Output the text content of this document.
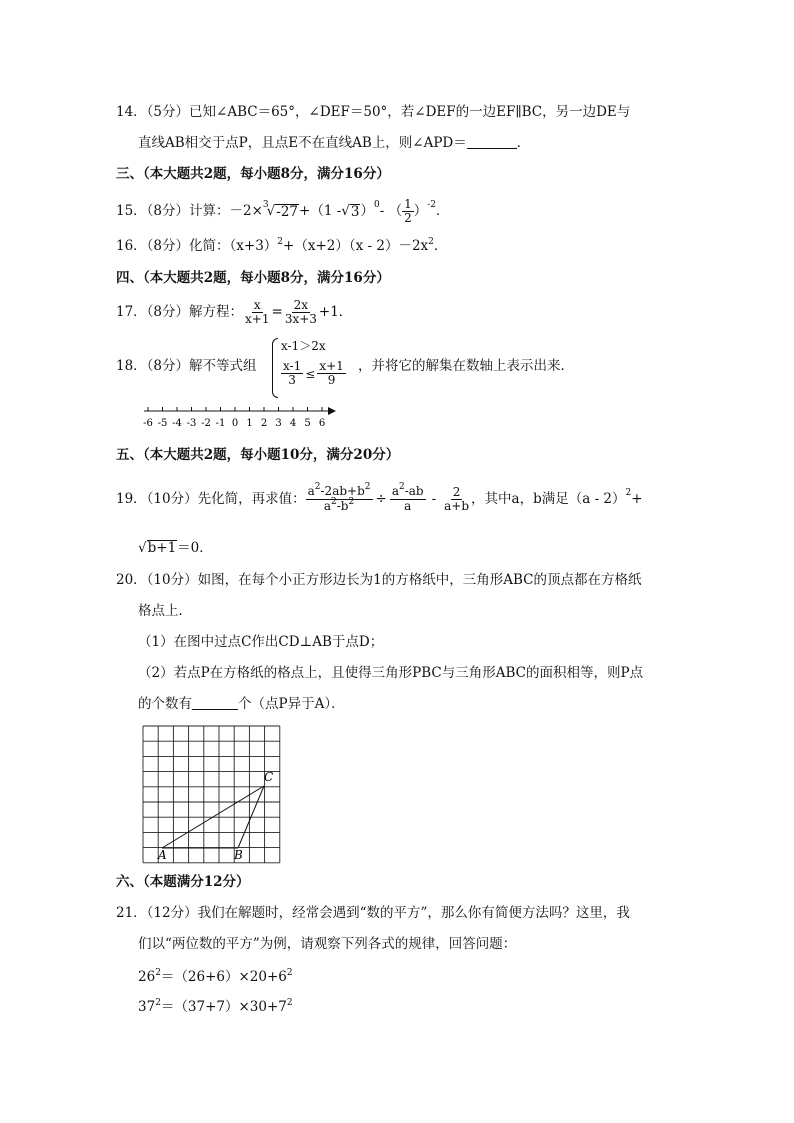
14．（5分）已知∠ABC＝65°，∠DEF＝50°，若∠DEF的一边EF∥BC，另一边DE与
直线AB相交于点P，且点E不在直线AB上，则∠APD＝	．
三、（本大题共2题，每小题8分，满分16分）
15．（8分）计算：－2× 3
√ -27 +（1 - √ 3 ） 0 - （ $\frac{1}{2}$ ） -2 ．
16．（8分）化简：$(x+3)^2+(x+2)(x - 2)-2x^2$．
四、（本大题共2题，每小题8分，满分16分）
17．（8分）解方程： $\frac{x}{x+1} = \frac{2x}{3x+3} +1$．
18．（8分）解不等式组
x-1＞2x
$\frac{x-1}{3} \le \frac{x+1}{9}$ ，并将它的解集在数轴上表示出来．
-6 -5 -4 -3 -2 -1 0 1 2 3 4 5 6
五、（本大题共2题，每小题10分，满分20分）
19．（10分）先化简，再求值： $\frac{a^2-2ab+b^2}{a^2-b^2} \div \frac{a^2-ab}{a} - \frac{2}{a+b}$ ，其中a，b满足（a - 2） 2 +
√b+1＝0．
20．（10分）如图，在每个小正方形边长为1的方格纸中，三角形ABC的顶点都在方格纸
格点上．
（1）在图中过点C作出CD⊥AB于点D；
（2）若点P在方格纸的格点上，且使得三角形PBC与三角形ABC的面积相等，则P点
的个数有	个（点P异于A）．
A	B
C
六、（本题满分12分）
21．（12分）我们在解题时，经常会遇到“数的平方”，那么你有简便方法吗？这里，我
们以“两位数的平方”为例，请观察下列各式的规律，回答问题：
$26^2=(26+6)\times 20+6^2$
$37^2=(37+7)\times 30+7^2$
